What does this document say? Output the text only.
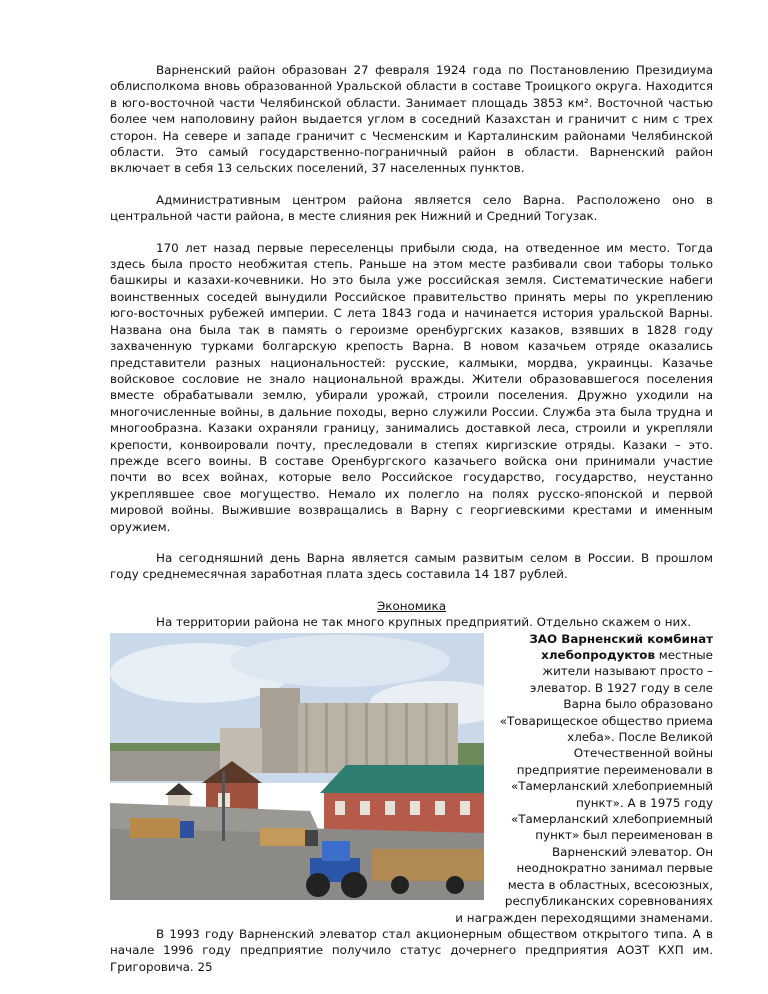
Варненский район образован 27 февраля 1924 года по Постановлению Президиума облисполкома вновь образованной Уральской области в составе Троицкого округа. Находится в юго-восточной части Челябинской области. Занимает площадь 3853 км². Восточной частью более чем наполовину район выдается углом в соседний Казахстан и граничит с ним с трех сторон. На севере и западе граничит с Чесменским и Карталинским районами Челябинской области. Это самый государственно-пограничный район в области. Варненский район включает в себя 13 сельских поселений, 37 населенных пунктов.

Административным центром района является село Варна. Расположено оно в центральной части района, в месте слияния рек Нижний и Средний Тогузак.

170 лет назад первые переселенцы прибыли сюда, на отведенное им место. Тогда здесь была просто необжитая степь. Раньше на этом месте разбивали свои таборы только башкиры и казахи-кочевники. Но это была уже российская земля. Систематические набеги воинственных соседей вынудили Российское правительство принять меры по укреплению юго-восточных рубежей империи. С лета 1843 года и начинается история уральской Варны. Названа она была так в память о героизме оренбургских казаков, взявших в 1828 году захваченную турками болгарскую крепость Варна. В новом казачьем отряде оказались представители разных национальностей: русские, калмыки, мордва, украинцы. Казачье войсковое сословие не знало национальной вражды. Жители образовавшегося поселения вместе обрабатывали землю, убирали урожай, строили поселения. Дружно уходили на многочисленные войны, в дальние походы, верно служили России. Служба эта была трудна и многообразна. Казаки охраняли границу, занимались доставкой леса, строили и укрепляли крепости, конвоировали почту, преследовали в степях киргизские отряды. Казаки – это. прежде всего воины. В составе Оренбургского казачьего войска они принимали участие почти во всех войнах, которые вело Российское государство, государство, неустанно укреплявшее свое могущество. Немало их полегло на полях русско-японской и первой мировой войны. Выжившие возвращались в Варну с георгиевскими крестами и именным оружием.

На сегодняшний день Варна является самым развитым селом в России. В прошлом году среднемесячная заработная плата здесь составила 14 187 рублей.

Экономика

На территории района не так много крупных предприятий. Отдельно скажем о них.

ЗАО Варненский комбинат хлебопродуктов местные жители называют просто – элеватор. В 1927 году в селе Варна было образовано «Товарищеское общество приема хлеба». После Великой Отечественной войны предприятие переименовали в «Тамерланский хлебоприемный пункт». А в 1975 году «Тамерланский хлебоприемный пункт» был переименован в Варненский элеватор. Он неоднократно занимал первые места в областных, всесоюзных, республиканских соревнованиях и награжден переходящими знаменами.

В 1993 году Варненский элеватор стал акционерным обществом открытого типа. А в начале 1996 году предприятие получило статус дочернего предприятия АОЗТ КХП им. Григоровича. 25
